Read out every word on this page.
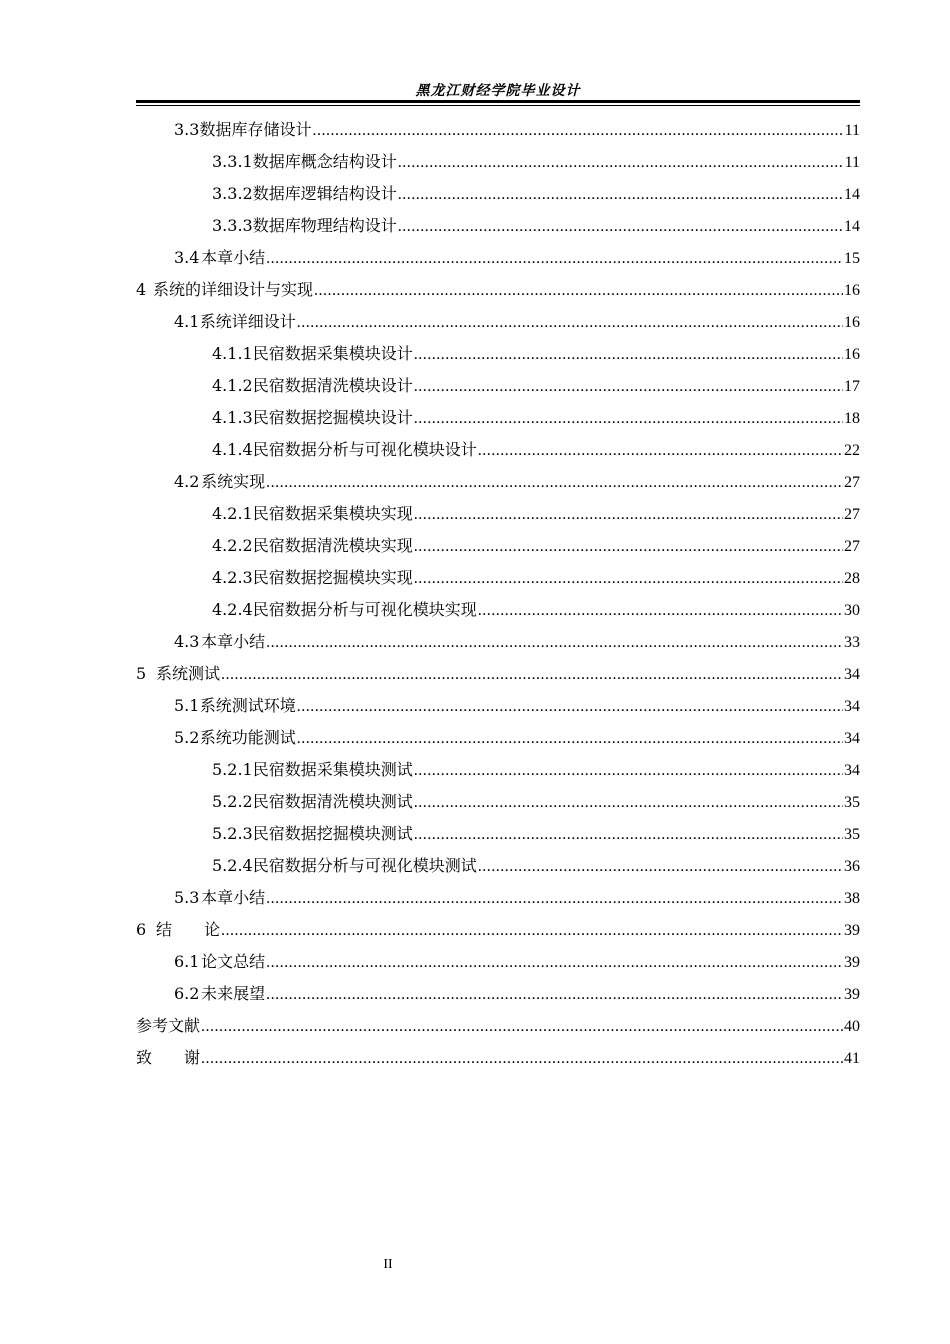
黑龙江财经学院毕业设计
3.3 数据库存储设计 .....	11
3.3.1 数据库概念结构设计 .....	11
3.3.2 数据库逻辑结构设计 .....	14
3.3.3 数据库物理结构设计 .....	14
3.4 本章小结 .....	15
4 系统的详细设计与实现 .....	16
4.1 系统详细设计 .....	16
4.1.1 民宿数据采集模块设计 .....	16
4.1.2 民宿数据清洗模块设计 .....	17
4.1.3 民宿数据挖掘模块设计 .....	18
4.1.4 民宿数据分析与可视化模块设计 .....	22
4.2 系统实现 .....	27
4.2.1 民宿数据采集模块实现 .....	27
4.2.2 民宿数据清洗模块实现 .....	27
4.2.3 民宿数据挖掘模块实现 .....	28
4.2.4 民宿数据分析与可视化模块实现 .....	30
4.3 本章小结 .....	33
5 系统测试 .....	34
5.1 系统测试环境 .....	34
5.2 系统功能测试 .....	34
5.2.1 民宿数据采集模块测试 .....	34
5.2.2 民宿数据清洗模块测试 .....	35
5.2.3 民宿数据挖掘模块测试 .....	35
5.2.4 民宿数据分析与可视化模块测试 .....	36
5.3 本章小结 .....	38
6 结　　论 .....	39
6.1 论文总结 .....	39
6.2 未来展望 .....	39
参考文献 .....	40
致　　谢 .....	41
II
